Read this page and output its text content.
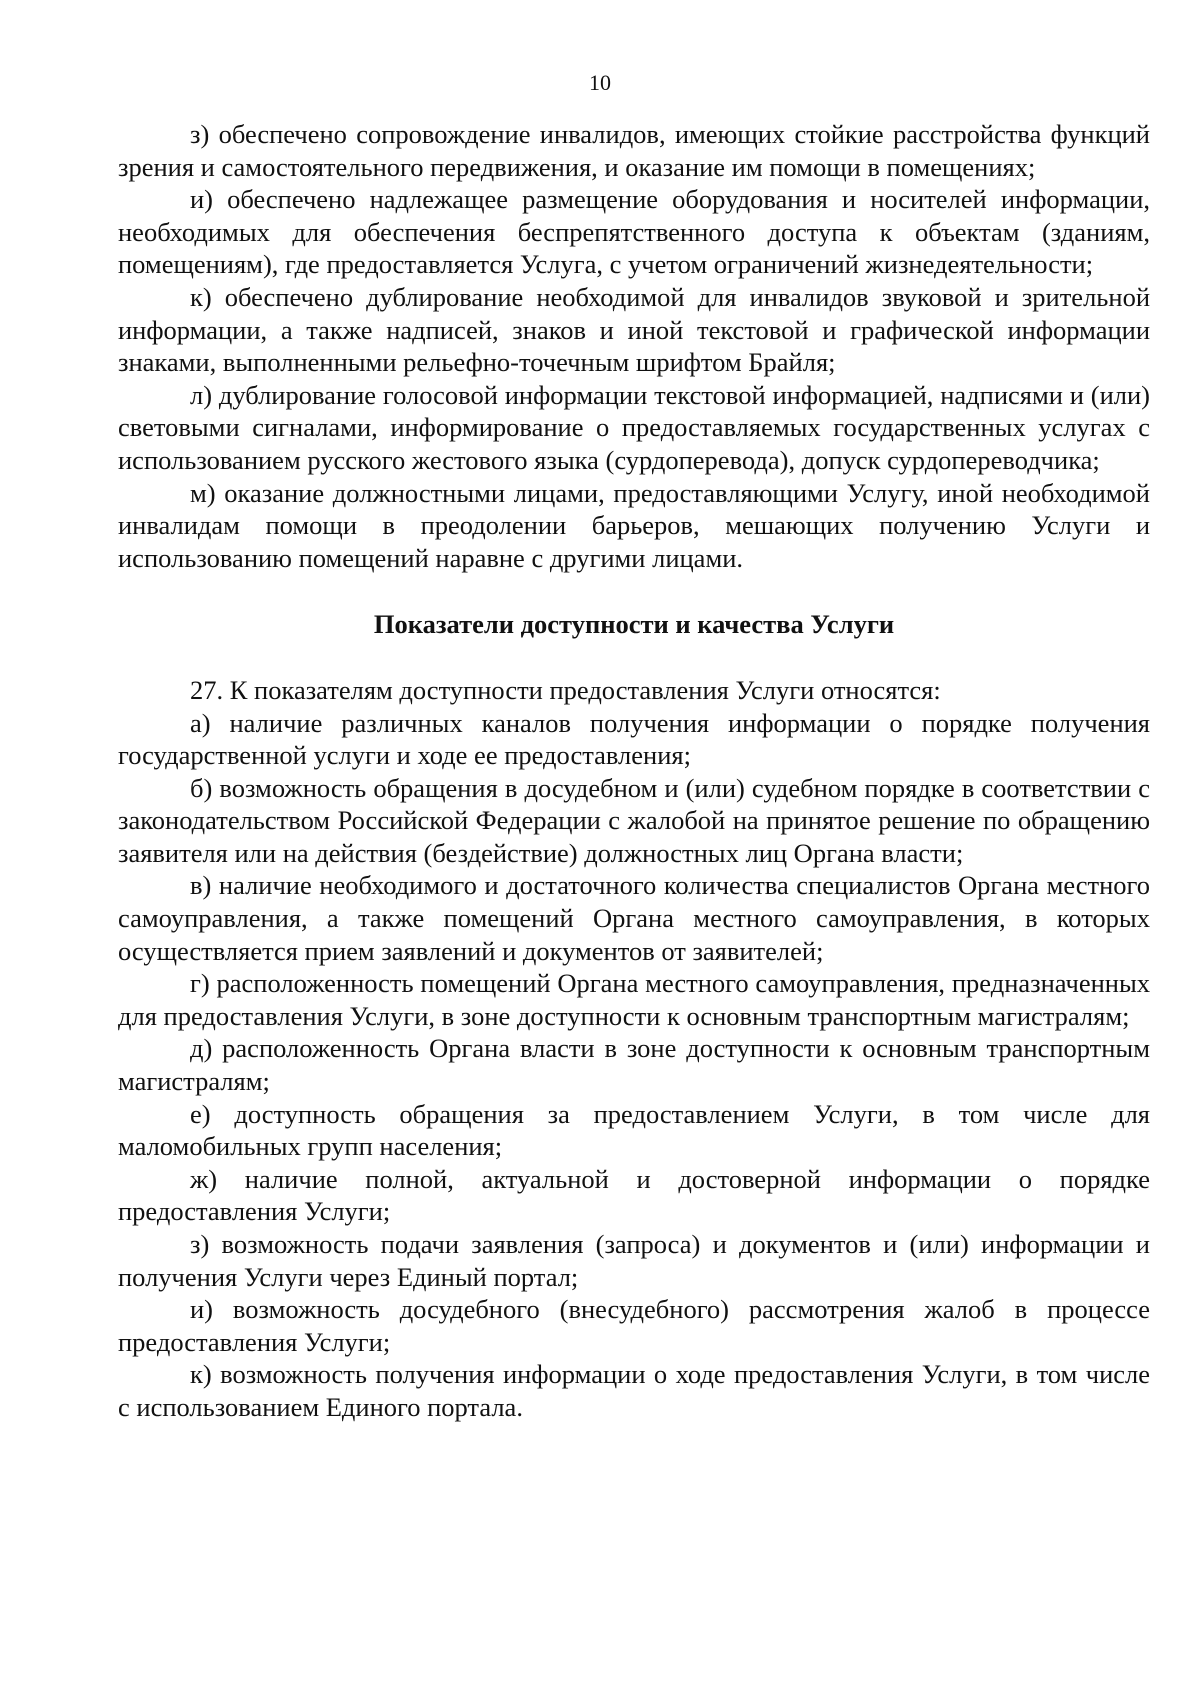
10

з) обеспечено сопровождение инвалидов, имеющих стойкие расстройства функций зрения и самостоятельного передвижения, и оказание им помощи в помещениях;

и) обеспечено надлежащее размещение оборудования и носителей информации, необходимых для обеспечения беспрепятственного доступа к объектам (зданиям, помещениям), где предоставляется Услуга, с учетом ограничений жизнедеятельности;

к) обеспечено дублирование необходимой для инвалидов звуковой и зрительной информации, а также надписей, знаков и иной текстовой и графической информации знаками, выполненными рельефно-точечным шрифтом Брайля;

л) дублирование голосовой информации текстовой информацией, надписями и (или) световыми сигналами, информирование о предоставляемых государственных услугах с использованием русского жестового языка (сурдоперевода), допуск сурдопереводчика;

м) оказание должностными лицами, предоставляющими Услугу, иной необходимой инвалидам помощи в преодолении барьеров, мешающих получению Услуги и использованию помещений наравне с другими лицами.

Показатели доступности и качества Услуги

27. К показателям доступности предоставления Услуги относятся:

а) наличие различных каналов получения информации о порядке получения государственной услуги и ходе ее предоставления;

б) возможность обращения в досудебном и (или) судебном порядке в соответствии с законодательством Российской Федерации с жалобой на принятое решение по обращению заявителя или на действия (бездействие) должностных лиц Органа власти;

в) наличие необходимого и достаточного количества специалистов Органа местного самоуправления, а также помещений Органа местного самоуправления, в которых осуществляется прием заявлений и документов от заявителей;

г) расположенность помещений Органа местного самоуправления, предназначенных для предоставления Услуги, в зоне доступности к основным транспортным магистралям;

д) расположенность Органа власти в зоне доступности к основным транспортным магистралям;

е) доступность обращения за предоставлением Услуги, в том числе для маломобильных групп населения;

ж) наличие полной, актуальной и достоверной информации о порядке предоставления Услуги;

з) возможность подачи заявления (запроса) и документов и (или) информации и получения Услуги через Единый портал;

и) возможность досудебного (внесудебного) рассмотрения жалоб в процессе предоставления Услуги;

к) возможность получения информации о ходе предоставления Услуги, в том числе с использованием Единого портала.
